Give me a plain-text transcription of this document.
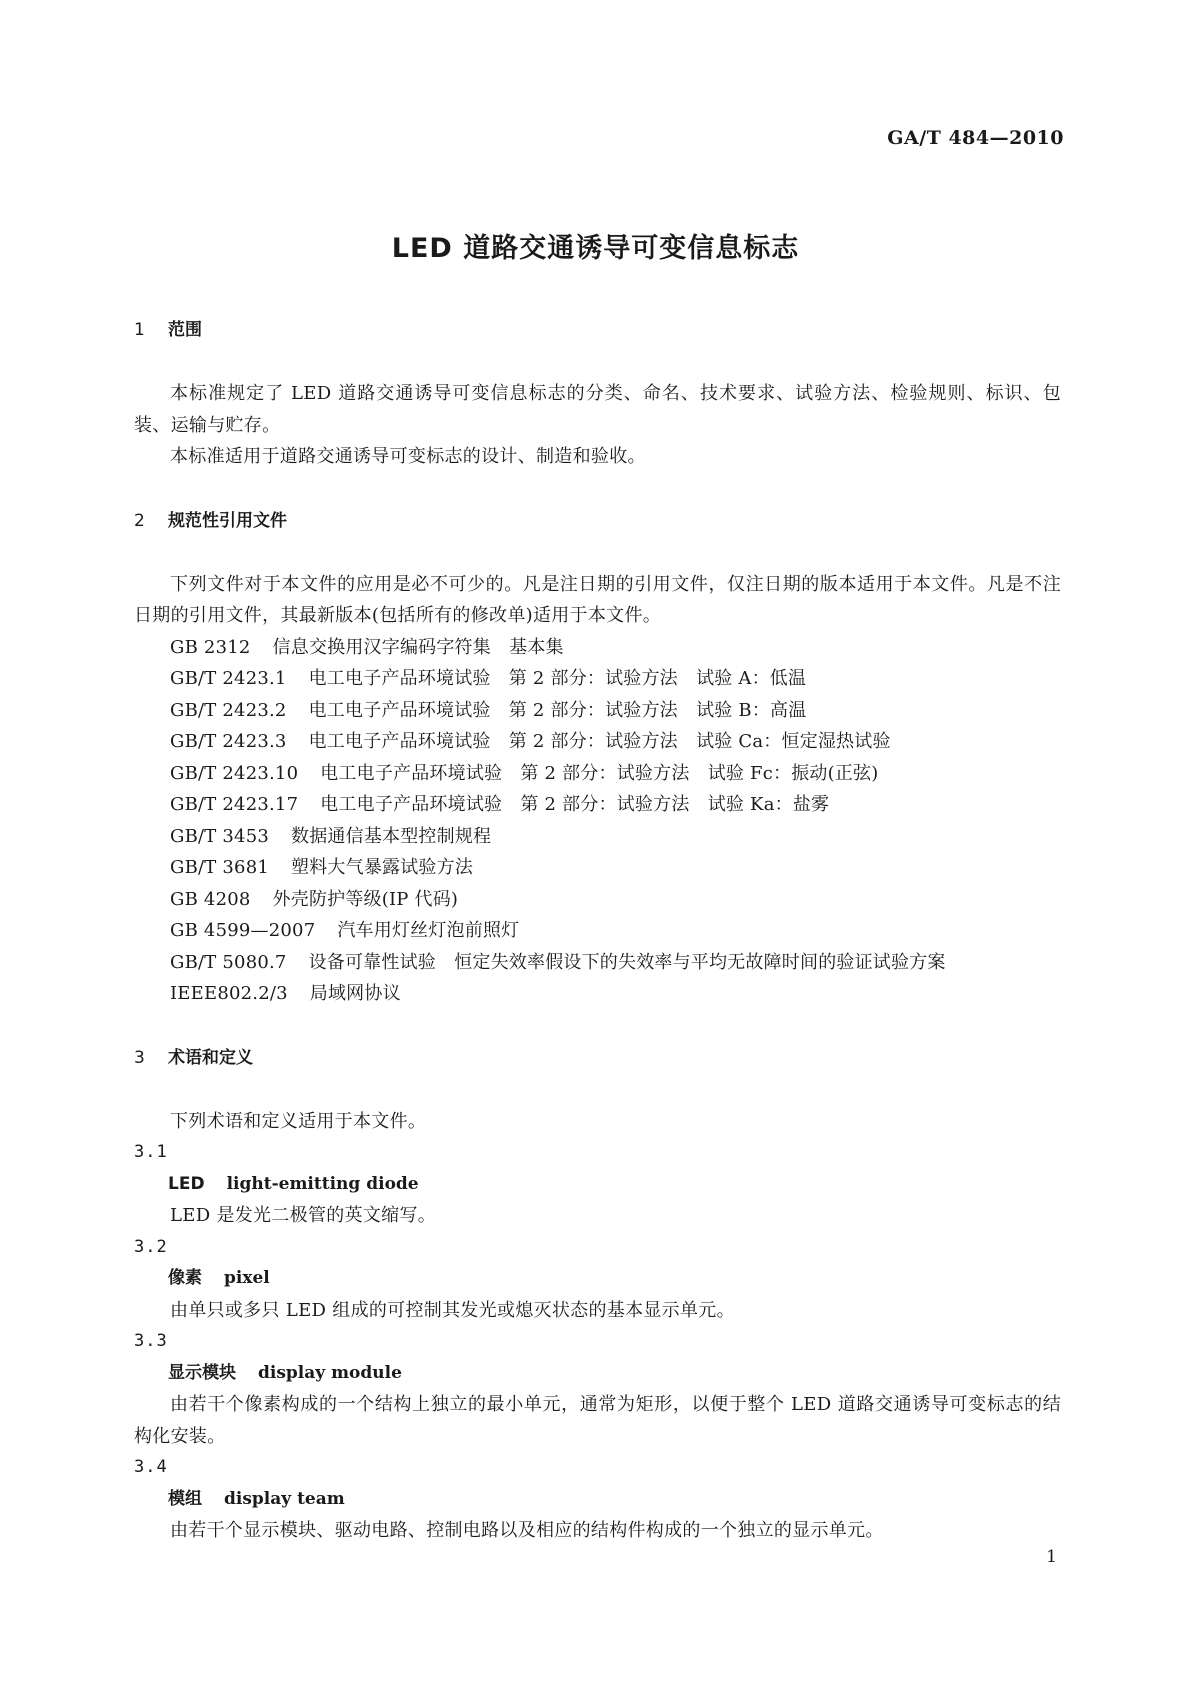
GA/T 484—2010
LED 道路交通诱导可变信息标志
1 范围
本标准规定了 LED 道路交通诱导可变信息标志的分类、命名、技术要求、试验方法、检验规则、标识、包装、运输与贮存。
本标准适用于道路交通诱导可变标志的设计、制造和验收。
2 规范性引用文件
下列文件对于本文件的应用是必不可少的。凡是注日期的引用文件，仅注日期的版本适用于本文件。凡是不注日期的引用文件，其最新版本(包括所有的修改单)适用于本文件。
GB 2312 信息交换用汉字编码字符集　基本集
GB/T 2423.1 电工电子产品环境试验　第 2 部分：试验方法　试验 A：低温
GB/T 2423.2 电工电子产品环境试验　第 2 部分：试验方法　试验 B：高温
GB/T 2423.3 电工电子产品环境试验　第 2 部分：试验方法　试验 Ca：恒定湿热试验
GB/T 2423.10 电工电子产品环境试验　第 2 部分：试验方法　试验 Fc：振动(正弦)
GB/T 2423.17 电工电子产品环境试验　第 2 部分：试验方法　试验 Ka：盐雾
GB/T 3453 数据通信基本型控制规程
GB/T 3681 塑料大气暴露试验方法
GB 4208 外壳防护等级(IP 代码)
GB 4599—2007 汽车用灯丝灯泡前照灯
GB/T 5080.7 设备可靠性试验　恒定失效率假设下的失效率与平均无故障时间的验证试验方案
IEEE802.2/3 局域网协议
3 术语和定义
下列术语和定义适用于本文件。
3.1
LED light-emitting diode
LED 是发光二极管的英文缩写。
3.2
像素 pixel
由单只或多只 LED 组成的可控制其发光或熄灭状态的基本显示单元。
3.3
显示模块 display module
由若干个像素构成的一个结构上独立的最小单元，通常为矩形，以便于整个 LED 道路交通诱导可变标志的结构化安装。
3.4
模组 display team
由若干个显示模块、驱动电路、控制电路以及相应的结构件构成的一个独立的显示单元。
1
